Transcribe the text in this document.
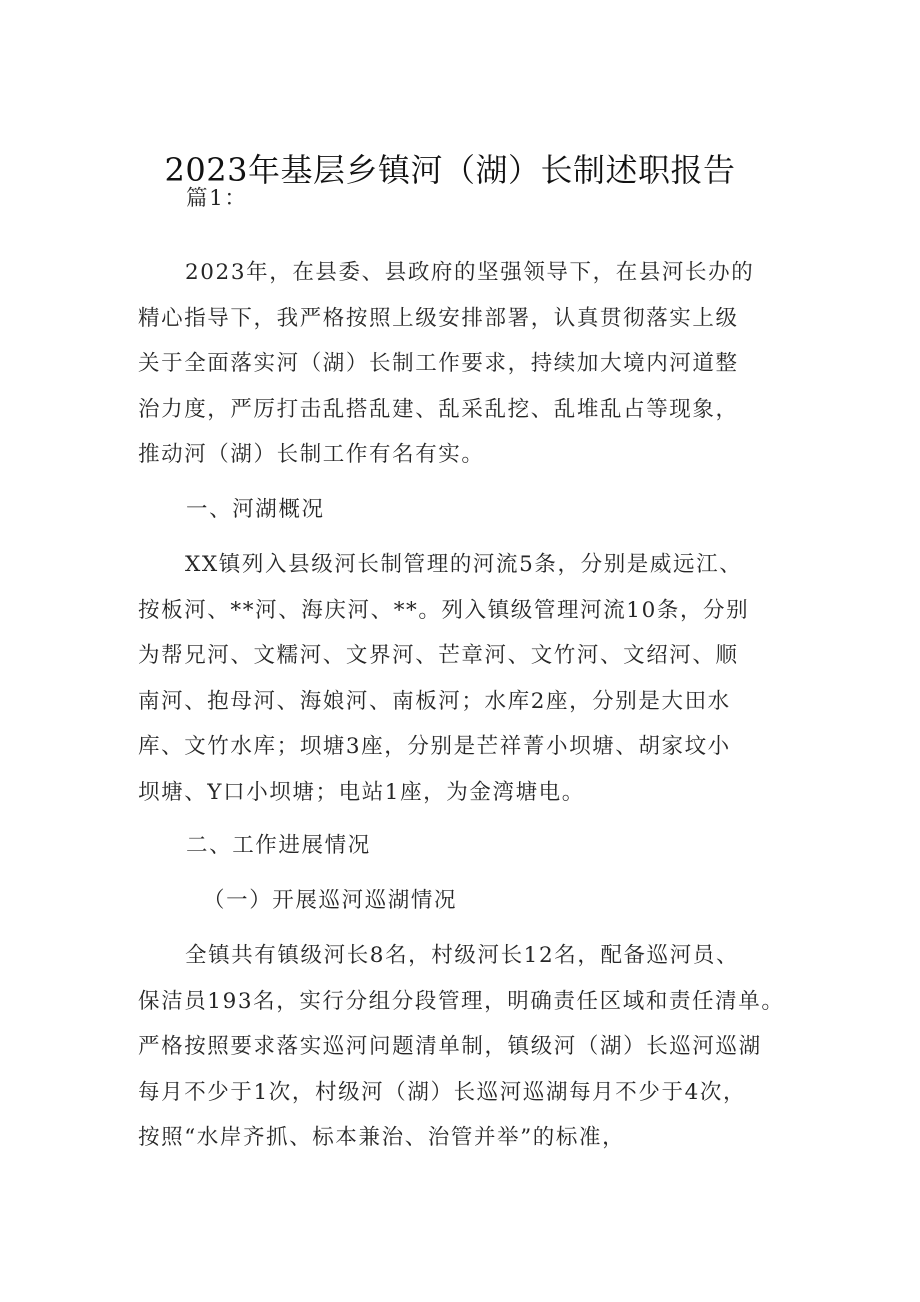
2023年基层乡镇河（湖）长制述职报告

篇1：

2023年，在县委、县政府的坚强领导下，在县河长办的
精心指导下，我严格按照上级安排部署，认真贯彻落实上级
关于全面落实河（湖）长制工作要求，持续加大境内河道整
治力度，严厉打击乱搭乱建、乱采乱挖、乱堆乱占等现象，
推动河（湖）长制工作有名有实。

一、河湖概况

XX镇列入县级河长制管理的河流5条，分别是威远江、
按板河、**河、海庆河、**。列入镇级管理河流10条，分别
为帮兄河、文糯河、文界河、芒章河、文竹河、文绍河、顺
南河、抱母河、海娘河、南板河；水库2座，分别是大田水
库、文竹水库；坝塘3座，分别是芒祥菁小坝塘、胡家坟小
坝塘、Y口小坝塘；电站1座，为金湾塘电。

二、工作进展情况

（一）开展巡河巡湖情况

全镇共有镇级河长8名，村级河长12名，配备巡河员、
保洁员193名，实行分组分段管理，明确责任区域和责任清单。
严格按照要求落实巡河问题清单制，镇级河（湖）长巡河巡湖
每月不少于1次，村级河（湖）长巡河巡湖每月不少于4次，
按照“水岸齐抓、标本兼治、治管并举”的标准，
